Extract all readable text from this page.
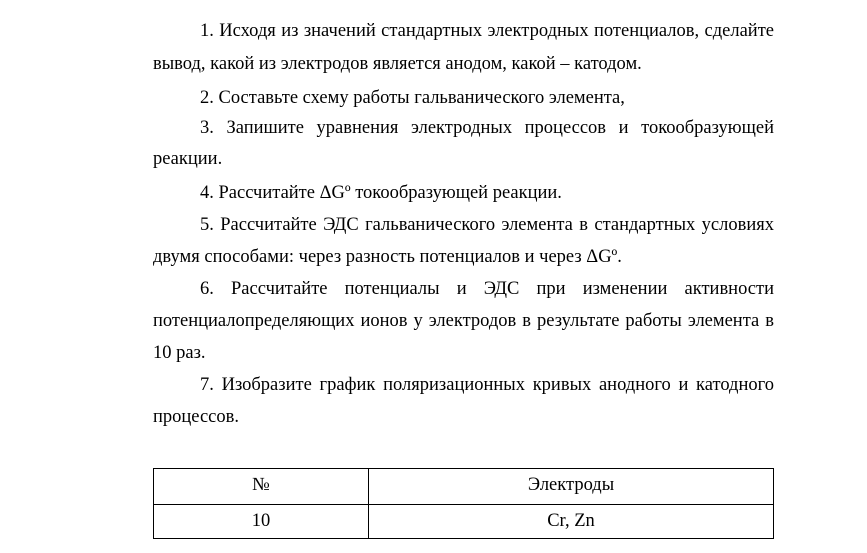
1. Исходя из значений стандартных электродных потенциалов, сделайте

вывод, какой из электродов является анодом, какой – катодом.

2. Составьте схему работы гальванического элемента,

3. Запишите уравнения электродных процессов и токообразующей

реакции.

4. Рассчитайте ΔGº токообразующей реакции.

5. Рассчитайте ЭДС гальванического элемента в стандартных условиях

двумя способами: через разность потенциалов и через ΔGº.

6. Рассчитайте потенциалы и ЭДС при изменении активности

потенциалопределяющих ионов у электродов в результате работы элемента в

10 раз.

7. Изобразите график поляризационных кривых анодного и катодного

процессов.

№	Электроды
10	Cr, Zn
